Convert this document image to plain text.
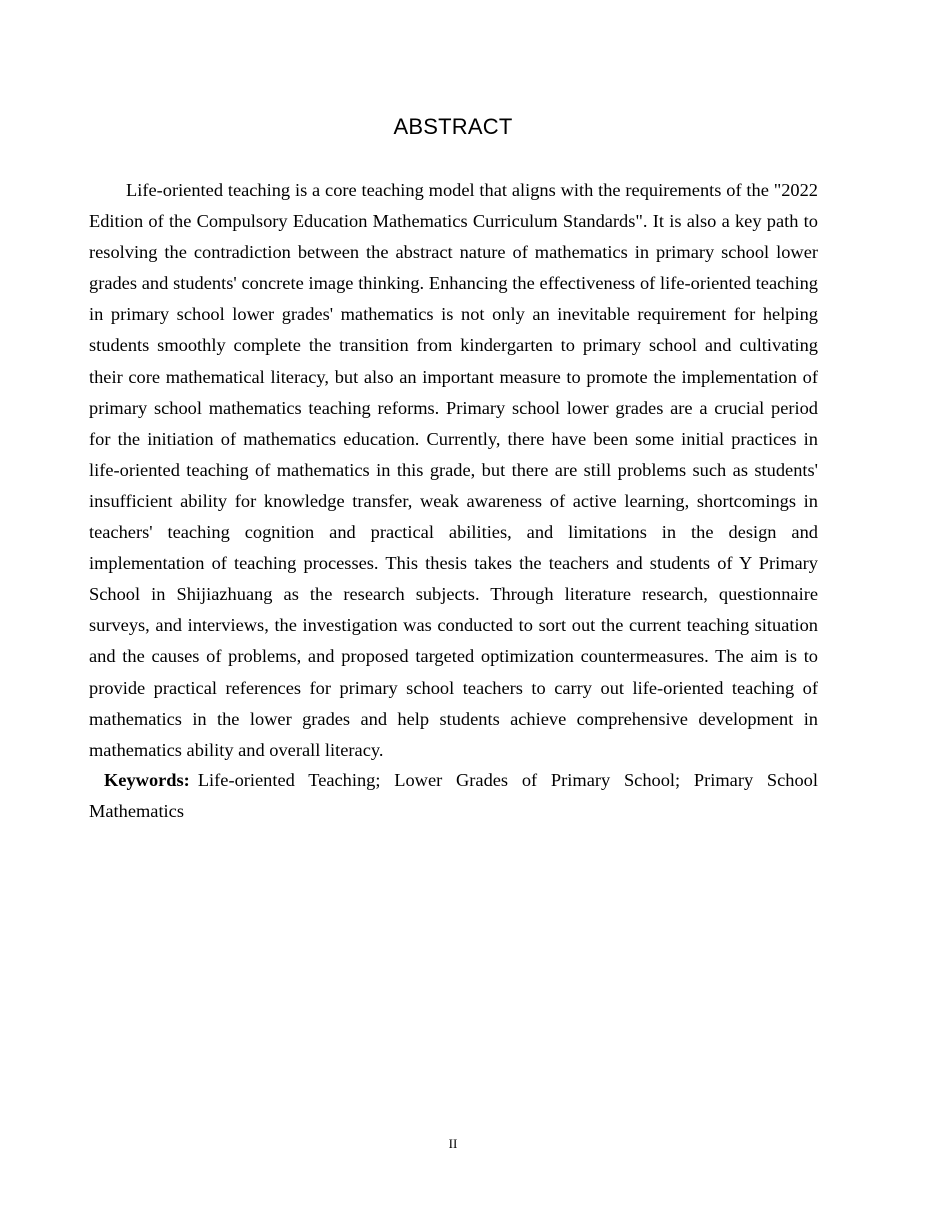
ABSTRACT

Life-oriented teaching is a core teaching model that aligns with the requirements of the "2022 Edition of the Compulsory Education Mathematics Curriculum Standards". It is also a key path to resolving the contradiction between the abstract nature of mathematics in primary school lower grades and students' concrete image thinking. Enhancing the effectiveness of life-oriented teaching in primary school lower grades' mathematics is not only an inevitable requirement for helping students smoothly complete the transition from kindergarten to primary school and cultivating their core mathematical literacy, but also an important measure to promote the implementation of primary school mathematics teaching reforms. Primary school lower grades are a crucial period for the initiation of mathematics education. Currently, there have been some initial practices in life-oriented teaching of mathematics in this grade, but there are still problems such as students' insufficient ability for knowledge transfer, weak awareness of active learning, shortcomings in teachers' teaching cognition and practical abilities, and limitations in the design and implementation of teaching processes. This thesis takes the teachers and students of Y Primary School in Shijiazhuang as the research subjects. Through literature research, questionnaire surveys, and interviews, the investigation was conducted to sort out the current teaching situation and the causes of problems, and proposed targeted optimization countermeasures. The aim is to provide practical references for primary school teachers to carry out life-oriented teaching of mathematics in the lower grades and help students achieve comprehensive development in mathematics ability and overall literacy.

Keywords: Life-oriented Teaching; Lower Grades of Primary School; Primary School Mathematics

II
